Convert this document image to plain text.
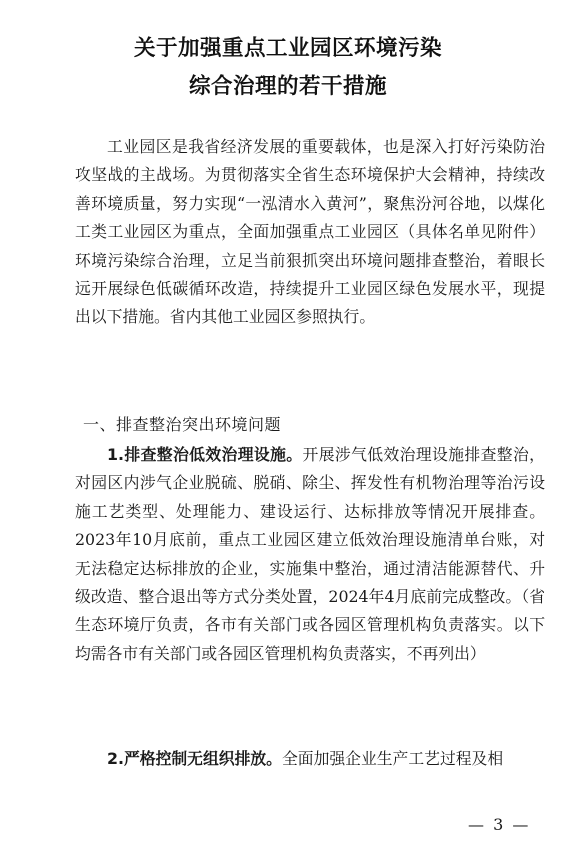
关于加强重点工业园区环境污染
综合治理的若干措施

工业园区是我省经济发展的重要载体，也是深入打好污染防治攻坚战的主战场。为贯彻落实全省生态环境保护大会精神，持续改善环境质量，努力实现“一泓清水入黄河”，聚焦汾河谷地，以煤化工类工业园区为重点，全面加强重点工业园区（具体名单见附件）环境污染综合治理，立足当前狠抓突出环境问题排查整治，着眼长远开展绿色低碳循环改造，持续提升工业园区绿色发展水平，现提出以下措施。省内其他工业园区参照执行。

一、排查整治突出环境问题

1.排查整治低效治理设施。开展涉气低效治理设施排查整治，对园区内涉气企业脱硫、脱硝、除尘、挥发性有机物治理等治污设施工艺类型、处理能力、建设运行、达标排放等情况开展排查。2023年10月底前，重点工业园区建立低效治理设施清单台账，对无法稳定达标排放的企业，实施集中整治，通过清洁能源替代、升级改造、整合退出等方式分类处置，2024年4月底前完成整改。（省生态环境厅负责，各市有关部门或各园区管理机构负责落实。以下均需各市有关部门或各园区管理机构负责落实，不再列出）

2.严格控制无组织排放。全面加强企业生产工艺过程及相

— 3 —
